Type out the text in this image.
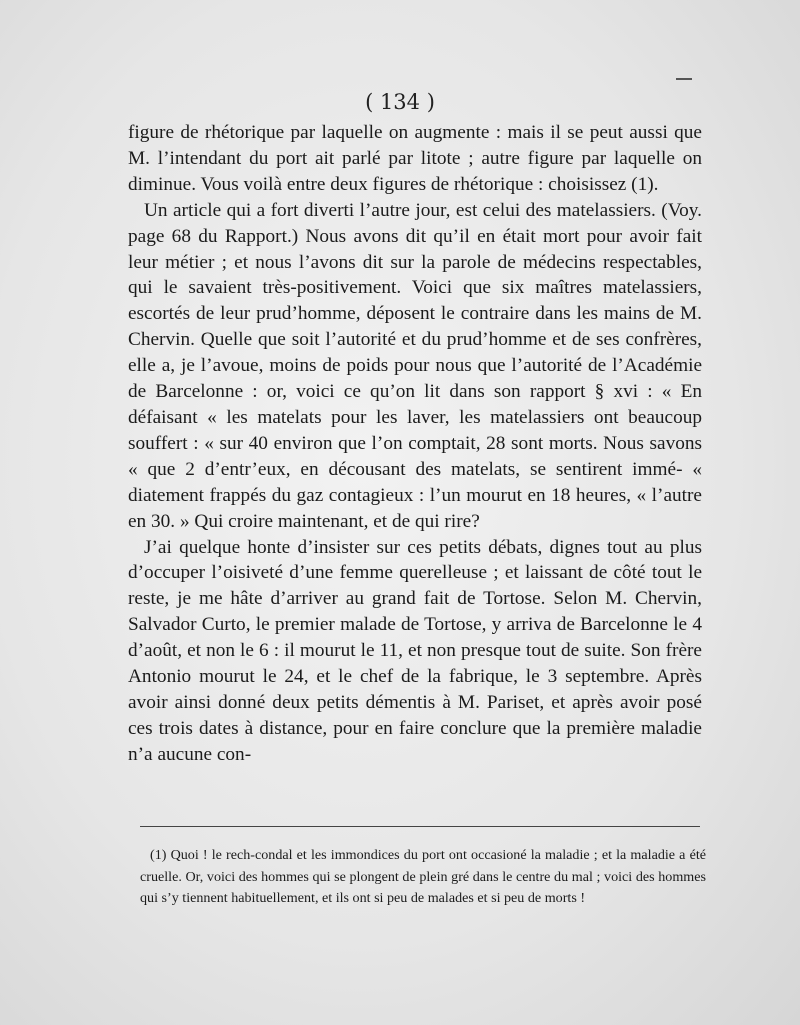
( 134 )

figure de rhétorique par laquelle on augmente : mais il se peut aussi que M. l’intendant du port ait parlé par litote ; autre figure par laquelle on diminue. Vous voilà entre deux figures de rhétorique : choisissez (1).

Un article qui a fort diverti l’autre jour, est celui des matelassiers. (Voy. page 68 du Rapport.) Nous avons dit qu’il en était mort pour avoir fait leur métier ; et nous l’avons dit sur la parole de médecins respectables, qui le savaient très-positivement. Voici que six maîtres matelassiers, escortés de leur prud’homme, déposent le contraire dans les mains de M. Chervin. Quelle que soit l’autorité et du prud’homme et de ses confrères, elle a, je l’avoue, moins de poids pour nous que l’autorité de l’Académie de Barcelonne : or, voici ce qu’on lit dans son rapport § xvi : « En défaisant « les matelats pour les laver, les matelassiers ont beaucoup souffert : « sur 40 environ que l’on comptait, 28 sont morts. Nous savons « que 2 d’entr’eux, en décousant des matelats, se sentirent immé- « diatement frappés du gaz contagieux : l’un mourut en 18 heures, « l’autre en 30. » Qui croire maintenant, et de qui rire?

J’ai quelque honte d’insister sur ces petits débats, dignes tout au plus d’occuper l’oisiveté d’une femme querelleuse ; et laissant de côté tout le reste, je me hâte d’arriver au grand fait de Tortose. Selon M. Chervin, Salvador Curto, le premier malade de Tortose, y arriva de Barcelonne le 4 d’août, et non le 6 : il mourut le 11, et non presque tout de suite. Son frère Antonio mourut le 24, et le chef de la fabrique, le 3 septembre. Après avoir ainsi donné deux petits démentis à M. Pariset, et après avoir posé ces trois dates à distance, pour en faire conclure que la première maladie n’a aucune con-

(1) Quoi ! le rech-condal et les immondices du port ont occasioné la maladie ; et la maladie a été cruelle. Or, voici des hommes qui se plongent de plein gré dans le centre du mal ; voici des hommes qui s’y tiennent habituellement, et ils ont si peu de malades et si peu de morts !
